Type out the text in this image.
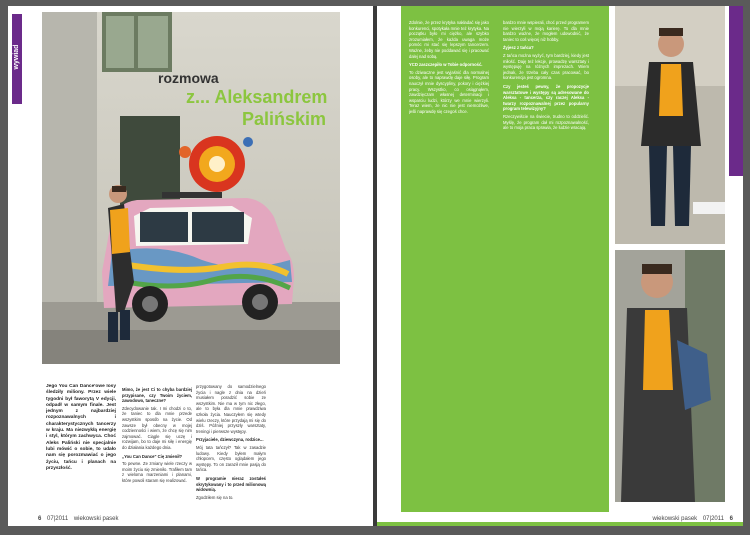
wywiad
rozmowa
z... Aleksandrem
Palińskim
Jego You Can Dance'owe losy śledziły miliony. Przez wiele tygodni był faworytą V edycji, odpadł w samym finale. Jest jednym z najbardziej rozpoznawalnych i charakterystycznych tancerzy w kraju. Ma niezwykłą energię i styl, którym zachwyca. Choć Aleks Paliński nie specjalnie lubi mówić o sobie, to udało nam się porozmawiać o jego życiu, tańcu i planach na przyszłość.

Mimo, że jest Ci to chyba bardziej przypisane, czy Twoim życiem, zawodowo, taneczne?

Zdecydowanie tak. I mi chodzi o to, że taniec to dla mnie przede wszystkim sposób na życie. Od zawsze był obecny w mojej codzienności i wiem, że chcę się nim zajmować. Ciągle się uczę i rozwijam, bo to daje mi siłę i energię do działania każdego dnia.

„You Can Dance" Cię zmienił?

To pewne. Ze zmiany wiele rzeczy w moim życiu się zmieniło. Trafiłem tam z wieloma marzeniami i planami, które powoli staram się realizować.

przygotowany do samodzielnego życia i nagle z dnia na dzień musiałem poradzić sobie ze wszystkim. Nie ma w tym nic złego, ale to była dla mnie prawdziwa szkoła życia. Nauczyłem się wtedy wielu rzeczy, które przydają mi się do dziś. Później przyszły warsztaty, treningi i pierwsze występy.

Przyjaciele, dziewczyna, rodzice...

Mój tata tańczył? Tak w zasadzie ludowy. Kiedy byłem małym chłopcem, często oglądałem jego występy. To on zaraził mnie pasją do tańca.

W programie nieraz zostałeś skrytykowany i to przed milionową widownią.

Zgodziłem się na to.

6 07|2011 wiekowski pasek

Zdolnie, że przez krytyka nakładać się jako konkurenci, spotykała mnie też krytyka. Na początku było mi ciężko, ale szybko zrozumiałem, że każda uwaga może pomóc mi stać się lepszym tancerzem. Ważne, żeby nie poddawać się i pracować dalej nad sobą.

YCD zaszczepiło w Tobie odporność.

To dziwaczne jest wyjaśnić dla normalnej osoby, ale to naprawdę daje siłę. Program nauczył mnie dyscypliny, pokory i ciężkiej pracy. Wszystko, co osiągnąłem, zawdzięczam własnej determinacji i wsparciu ludzi, którzy we mnie wierzyli. Teraz wiem, że nic nie jest niemożliwe, jeśli naprawdę się czegoś chce.

bardzo mnie wspierali, choć przed programem nie wierzyli w moją karierę. To dla mnie bardzo ważne, że mogłem udowodnić, że taniec to coś więcej niż hobby.

Żyjesz z tańca?

Z tańca można wyżyć, tym bardziej, kiedy jest miłość. Daję też lekcje, prowadzę warsztaty i występuję na różnych imprezach. Wiem jednak, że trzeba cały czas pracować, bo konkurencja jest ogromna.

Czy jesteś pewny, że propozycje warsztatowe i występy są adresowane do Aleksa - tancerza, czy raczej Aleksa - twarzy rozpoznawalnej przez popularny program telewizyjny?

Rzeczywiście na świecie, trudno to oddzielić. Myślę, że program dał mi rozpoznawalność, ale to moja praca sprawia, że ludzie wracają.

wiekowski pasek 07|2011 6
